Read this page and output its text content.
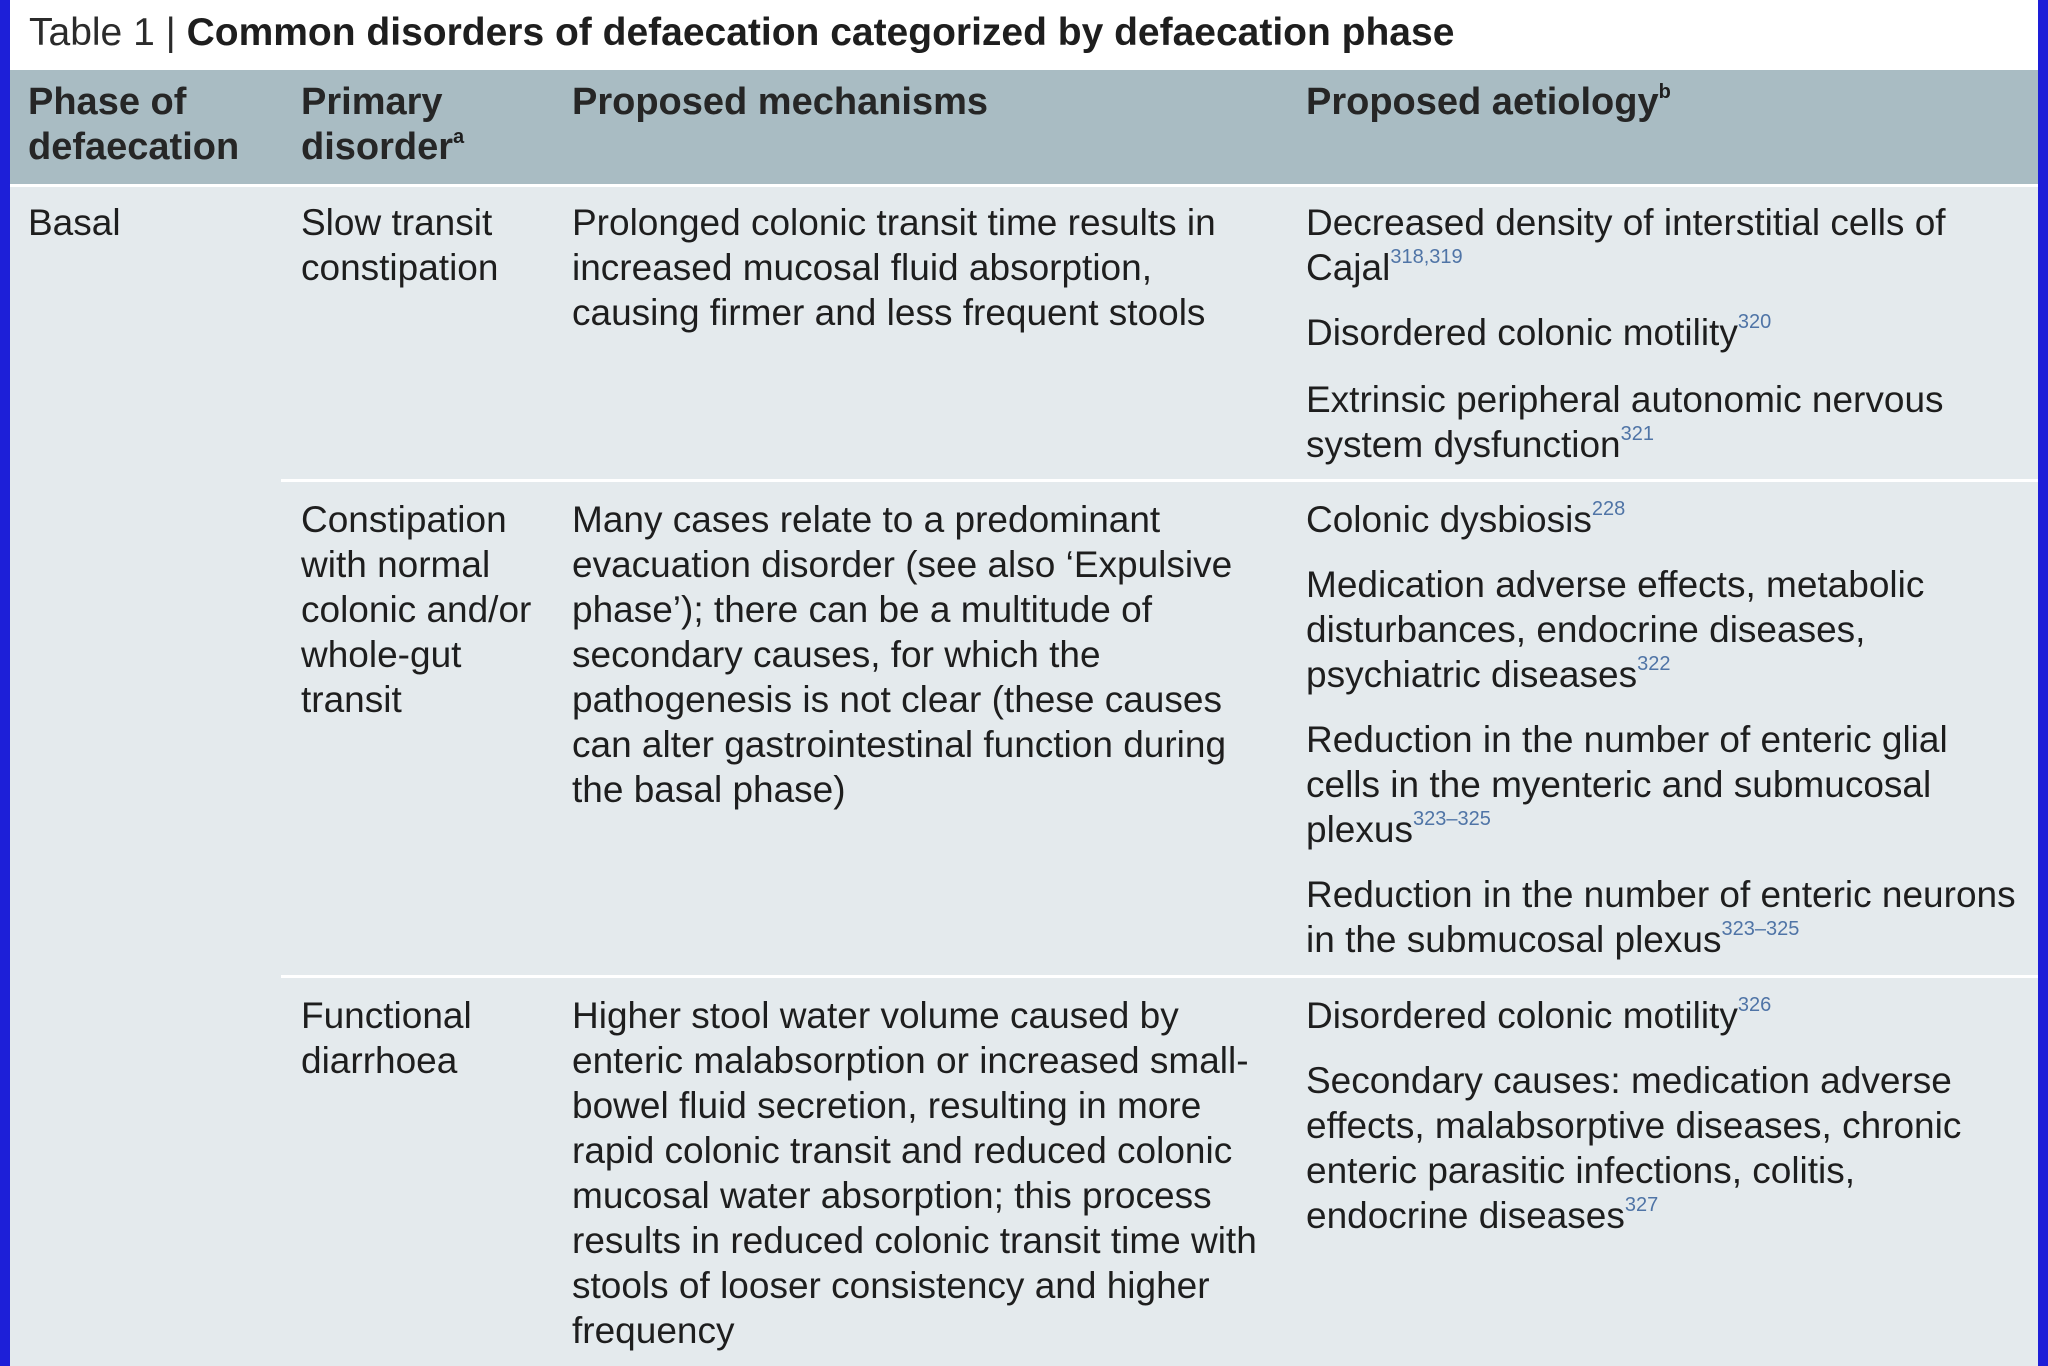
Table 1 | Common disorders of defaecation categorized by defaecation phase
Phase of
defaecation
Primary
disorder$^a$
Proposed mechanisms	Proposed aetiology$^b$
Basal	Slow transit constipation
Prolonged colonic transit time results in increased mucosal fluid absorption, causing firmer and less frequent stools

Decreased density of interstitial cells of Cajal$^{318,319}$

Disordered colonic motility$^{320}$

Extrinsic peripheral autonomic nervous system dysfunction$^{321}$

Constipation with normal colonic and/or whole-gut transit
Many cases relate to a predominant evacuation disorder (see also ‘Expulsive phase’); there can be a multitude of secondary causes, for which the pathogenesis is not clear (these causes can alter gastrointestinal function during the basal phase)

Colonic dysbiosis$^{228}$

Medication adverse effects, metabolic disturbances, endocrine diseases, psychiatric diseases$^{322}$

Reduction in the number of enteric glial cells in the myenteric and submucosal plexus$^{323-325}$

Reduction in the number of enteric neurons in the submucosal plexus$^{323-325}$

Functional diarrhoea
Higher stool water volume caused by enteric malabsorption or increased small-bowel fluid secretion, resulting in more rapid colonic transit and reduced colonic mucosal water absorption; this process results in reduced colonic transit time with stools of looser consistency and higher frequency

Disordered colonic motility$^{326}$

Secondary causes: medication adverse effects, malabsorptive diseases, chronic enteric parasitic infections, colitis, endocrine diseases$^{327}$
